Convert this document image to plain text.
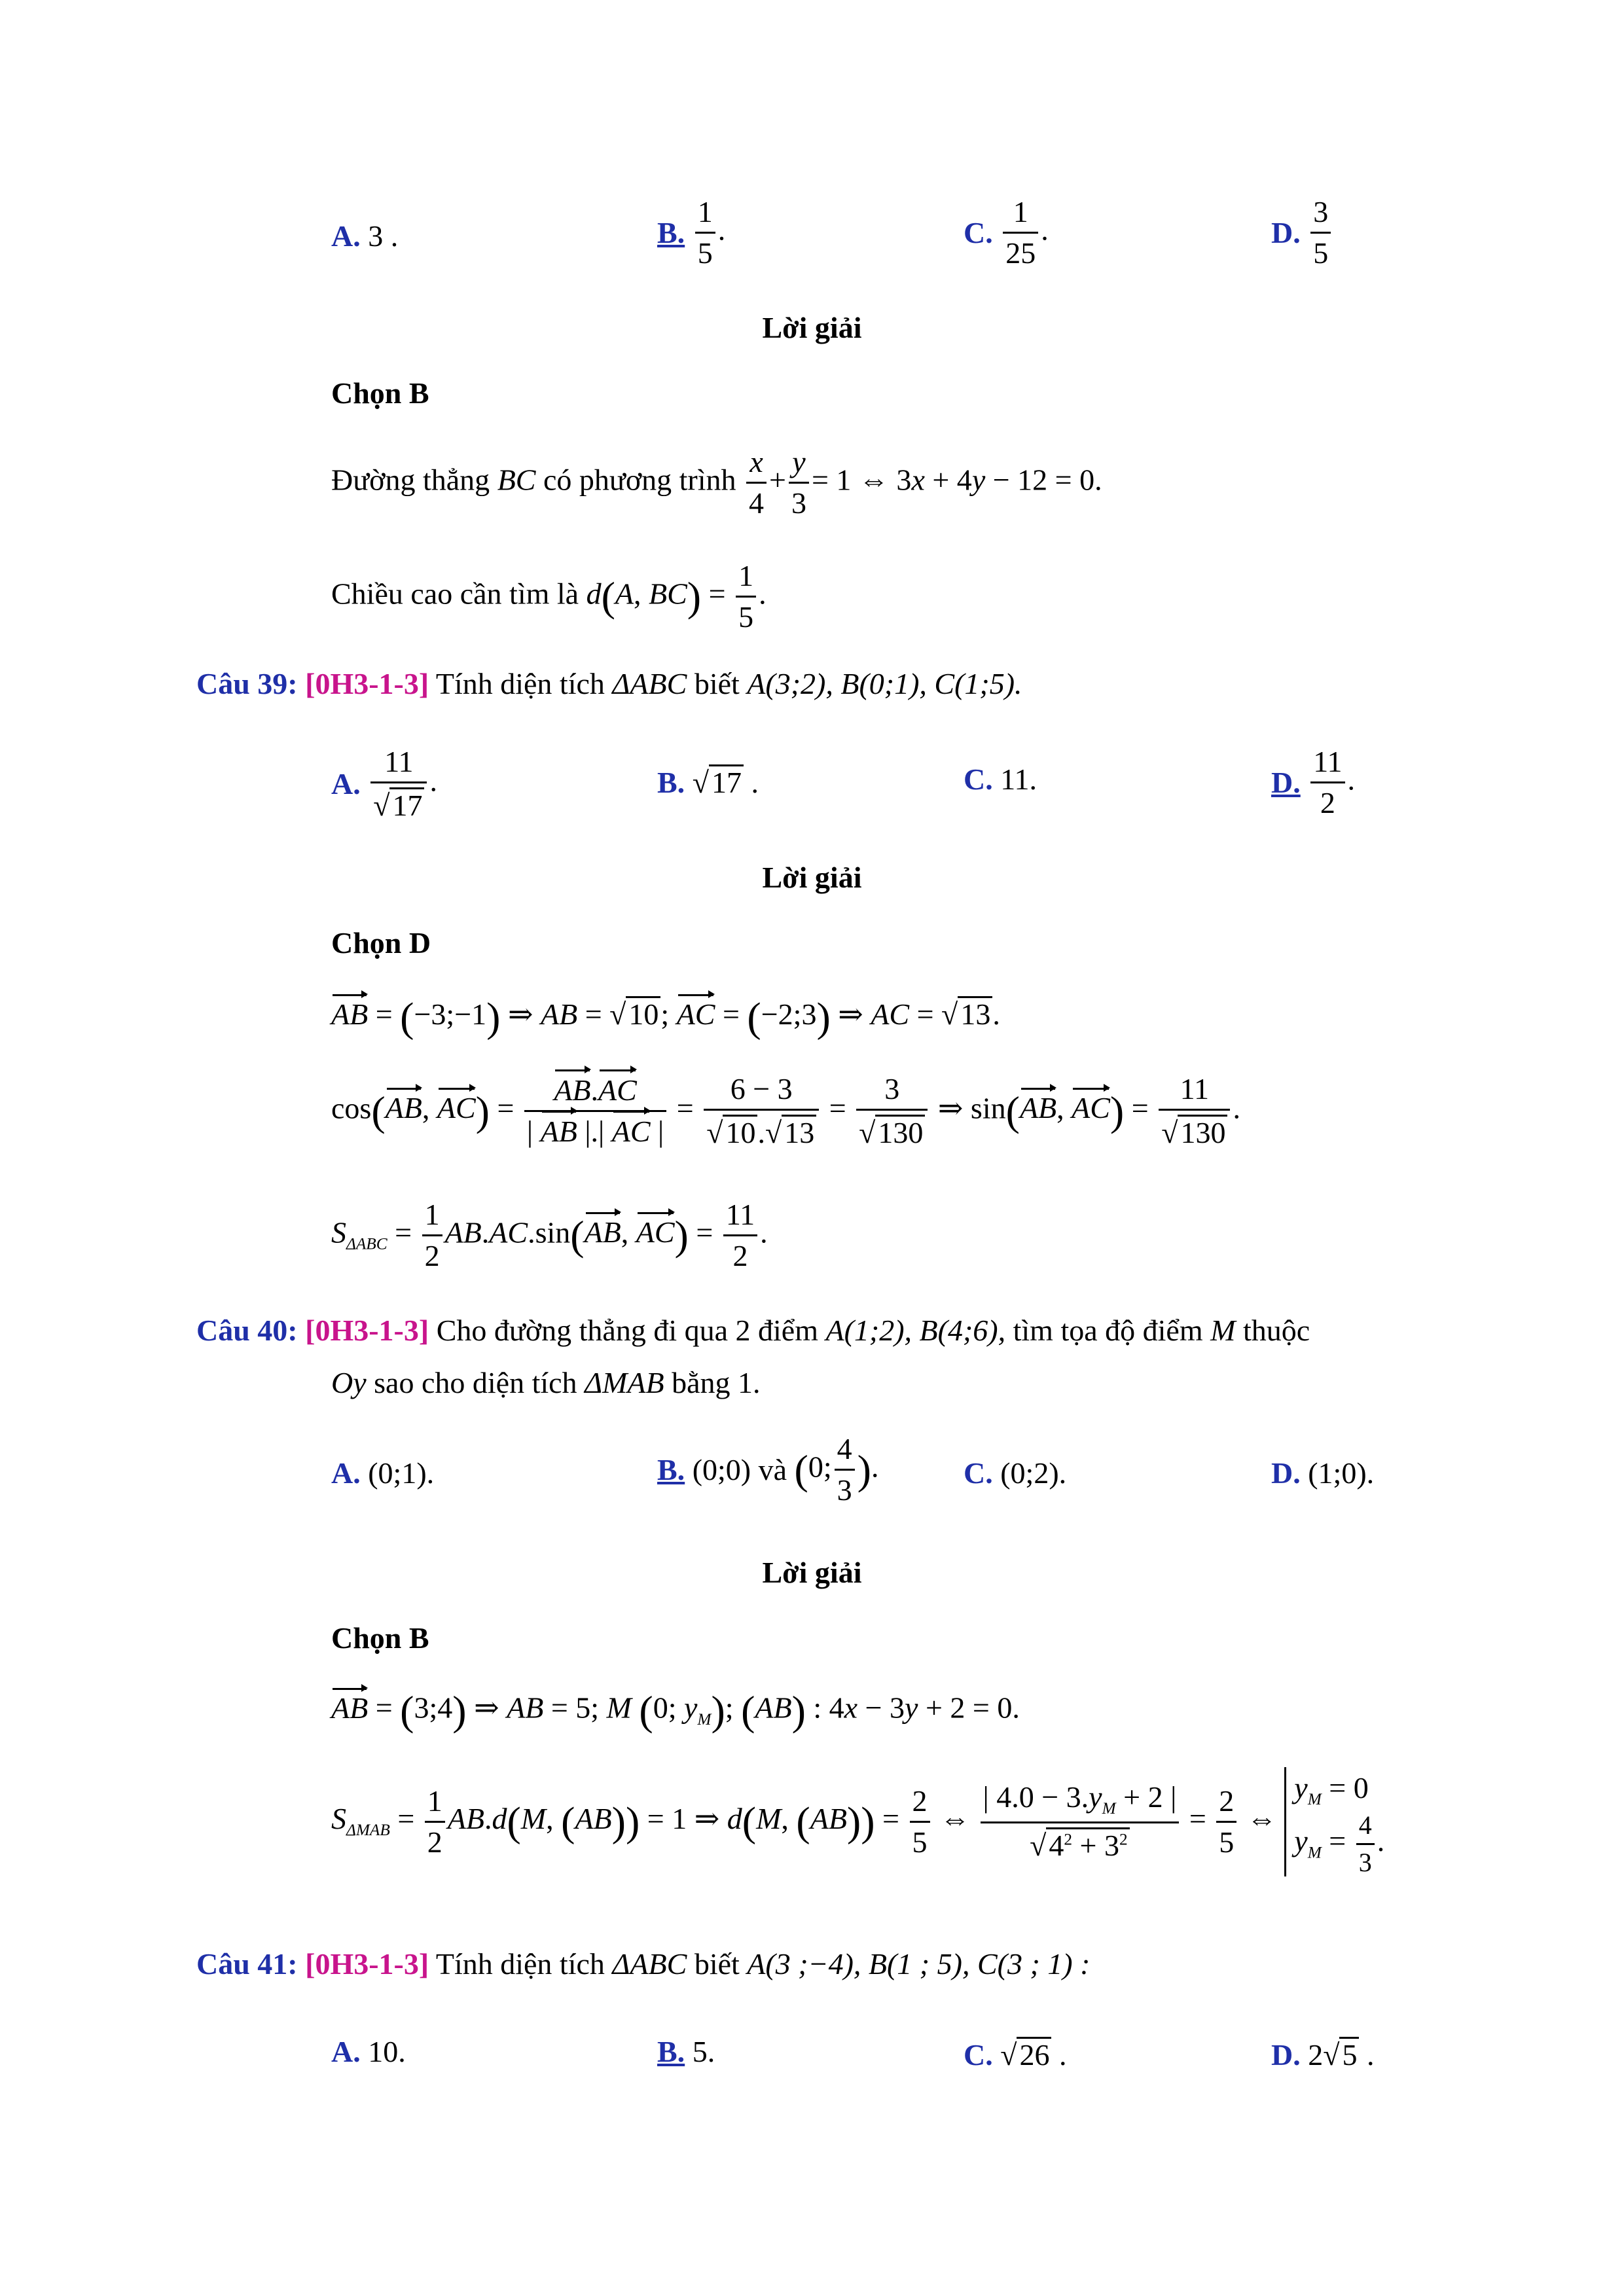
A. 3 .	B. $\frac{1}{5}$ .	C. $\frac{1}{25}$ .	D. $\frac{3}{5}$
Lời giải
Chọn B
Đường thẳng BC có phương trình $\frac{x}{4} + \frac{y}{3} = 1$ ⇔ 3x + 4y − 12 = 0.
Chiều cao cần tìm là d(A, $BC) = \frac{1}{5}$ .
Câu 39: [0H3-1-3] Tính diện tích ΔABC biết A(3;2), B(0;1), C(1;5).
A. $\frac{11}{√17}$ .	B. √17 .	C. 11.	D. $\frac{11}{2}$ .
Lời giải
Chọn D
AB = (−3;−1) ⇒ AB = √10; AC = (−2;3) ⇒ AC = √13.
cos(AB, $AC) = \frac{AB.AC}{| AB |.| AC |} = \frac{6 - 3}{√10.√13} = \frac{3}{√130}$ ⇒ sin(AB, $AC) = \frac{11}{√130}$ .
$S_{\Delta ABC} = \frac{1}{2} AB.AC.\sin(AB$, $AC) = \frac{11}{2}$ .
Câu 40: [0H3-1-3] Cho đường thẳng đi qua 2 điểm A(1;2), B(4;6), tìm tọa độ điểm M thuộc
Oy sao cho diện tích ΔMAB bằng 1.
A. (0;1).	B. (0;0) và (0; $\frac{4}{3}$ ).	C. (0;2).	D. (1;0).
Lời giải
Chọn B
AB = (3;4) ⇒ AB = 5; M (0; $y_M$); (AB) : 4x − 3y + 2 = 0.
$S_{\Delta MAB} = \frac{1}{2} AB.d(M$, (AB)) = 1 ⇒ d(M, $(AB)) = \frac{2}{5}$ ⇔ $\frac{| 4.0 - 3.y_M + 2 |}{√4^2 + 3^2} = \frac{2}{5}$ ⇔
$y_M = 0$
$y_M = \frac{4}{3}$ .
Câu 41: [0H3-1-3] Tính diện tích ΔABC biết A(3 ;−4), B(1 ; 5), C(3 ; 1) :
A. 10.	B. 5.	C. √26 .	D. 2√5 .
